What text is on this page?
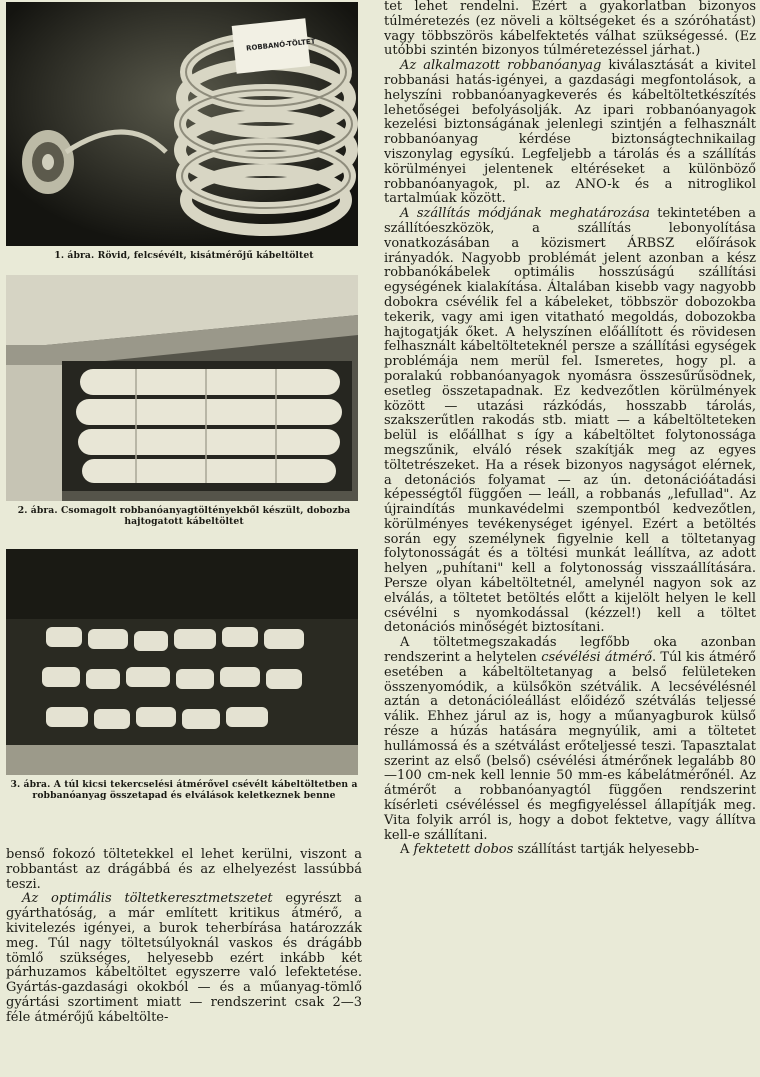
ROBBANÓ-TÖLTET
1. ábra. Rövid, felcsévélt, kisátmérőjű kábeltöltet
2. ábra. Csomagolt robbanóanyagtöltényekből készült, dobozba hajtogatott kábeltöltet
3. ábra. A túl kicsi tekercselési átmérővel csévélt kábeltöltetben a robbanóanyag összetapad és elválások keletkeznek benne

benső fokozó töltetekkel el lehet kerülni, viszont a robbantást az drágábbá és az elhelyezést lassúbbá teszi.

Az optimális töltetkeresztmetszetet egyrészt a gyárthatóság, a már említett kritikus átmérő, a kivitelezés igényei, a burok teherbírása határozzák meg. Túl nagy töltetsúlyoknál vaskos és drágább tömlő szükséges, helyesebb ezért inkább két párhuzamos kábeltöltet egyszerre való lefektetése. Gyártás-gazdasági okokból — és a műanyag-tömlő gyártási szortiment miatt — rendszerint csak 2—3 féle átmérőjű kábeltölte-

tet lehet rendelni. Ezért a gyakorlatban bizonyos túlméretezés (ez növeli a költségeket és a szóróhatást) vagy többszörös kábelfektetés válhat szükségessé. (Ez utóbbi szintén bizonyos túlméretezéssel járhat.)

Az alkalmazott robbanóanyag kiválasztását a kivitel robbanási hatás-igényei, a gazdasági megfontolások, a helyszíni robbanóanyagkeverés és kábeltöltetkészítés lehetőségei befolyásolják. Az ipari robbanóanyagok kezelési biztonságának jelenlegi szintjén a felhasznált robbanóanyag kérdése biztonságtechnikailag viszonylag egysíkú. Legfeljebb a tárolás és a szállítás körülményei jelentenek eltéréseket a különböző robbanóanyagok, pl. az ANO-k és a nitroglikol tartalmúak között.

A szállítás módjának meghatározása tekintetében a szállítóeszközök, a szállítás lebonyolítása vonatkozásában a közismert ÁRBSZ előírások irányadók. Nagyobb problémát jelent azonban a kész robbanókábelek optimális hosszúságú szállítási egységének kialakítása. Általában kisebb vagy nagyobb dobokra csévélik fel a kábeleket, többször dobozokba tekerik, vagy ami igen vitatható megoldás, dobozokba hajtogatják őket. A helyszínen előállított és rövidesen felhasznált kábeltölteteknél persze a szállítási egységek problémája nem merül fel. Ismeretes, hogy pl. a poralakú robbanóanyagok nyomásra összesűrűsödnek, esetleg összetapadnak. Ez kedvezőtlen körülmények között — utazási rázkódás, hosszabb tárolás, szakszerűtlen rakodás stb. miatt — a kábeltölteteken belül is előállhat s így a kábeltöltet folytonossága megszűnik, elváló rések szakítják meg az egyes töltetrészeket. Ha a rések bizonyos nagyságot elérnek, a detonációs folyamat — az ún. detonációátadási képességtől függően — leáll, a robbanás „lefullad". Az újraindítás munkavédelmi szempontból kedvezőtlen, körülményes tevékenységet igényel. Ezért a betöltés során egy személynek figyelnie kell a töltetanyag folytonosságát és a töltési munkát leállítva, az adott helyen „puhítani" kell a folytonosság visszaállítására. Persze olyan kábeltöltetnél, amelynél nagyon sok az elválás, a töltetet betöltés előtt a kijelölt helyen le kell csévélni s nyomkodással (kézzel!) kell a töltet detonációs minőségét biztosítani.

A töltetmegszakadás legfőbb oka azonban rendszerint a helytelen csévélési átmérő. Túl kis átmérő esetében a kábeltöltetanyag a belső felületeken összenyomódik, a külsőkön szétválik. A lecsévélésnél aztán a detonációleállást előidéző szétválás teljessé válik. Ehhez járul az is, hogy a műanyagburok külső része a húzás hatására megnyúlik, ami a töltetet hullámossá és a szétválást erőteljessé teszi. Tapasztalat szerint az első (belső) csévélési átmérőnek legalább 80—100 cm-nek kell lennie 50 mm-es kábelátmérőnél. Az átmérőt a robbanóanyagtól függően rendszerint kísérleti csévéléssel és megfigyeléssel állapítják meg. Vita folyik arról is, hogy a dobot fektetve, vagy állítva kell-e szállítani.

A fektetett dobos szállítást tartják helyesebb-
